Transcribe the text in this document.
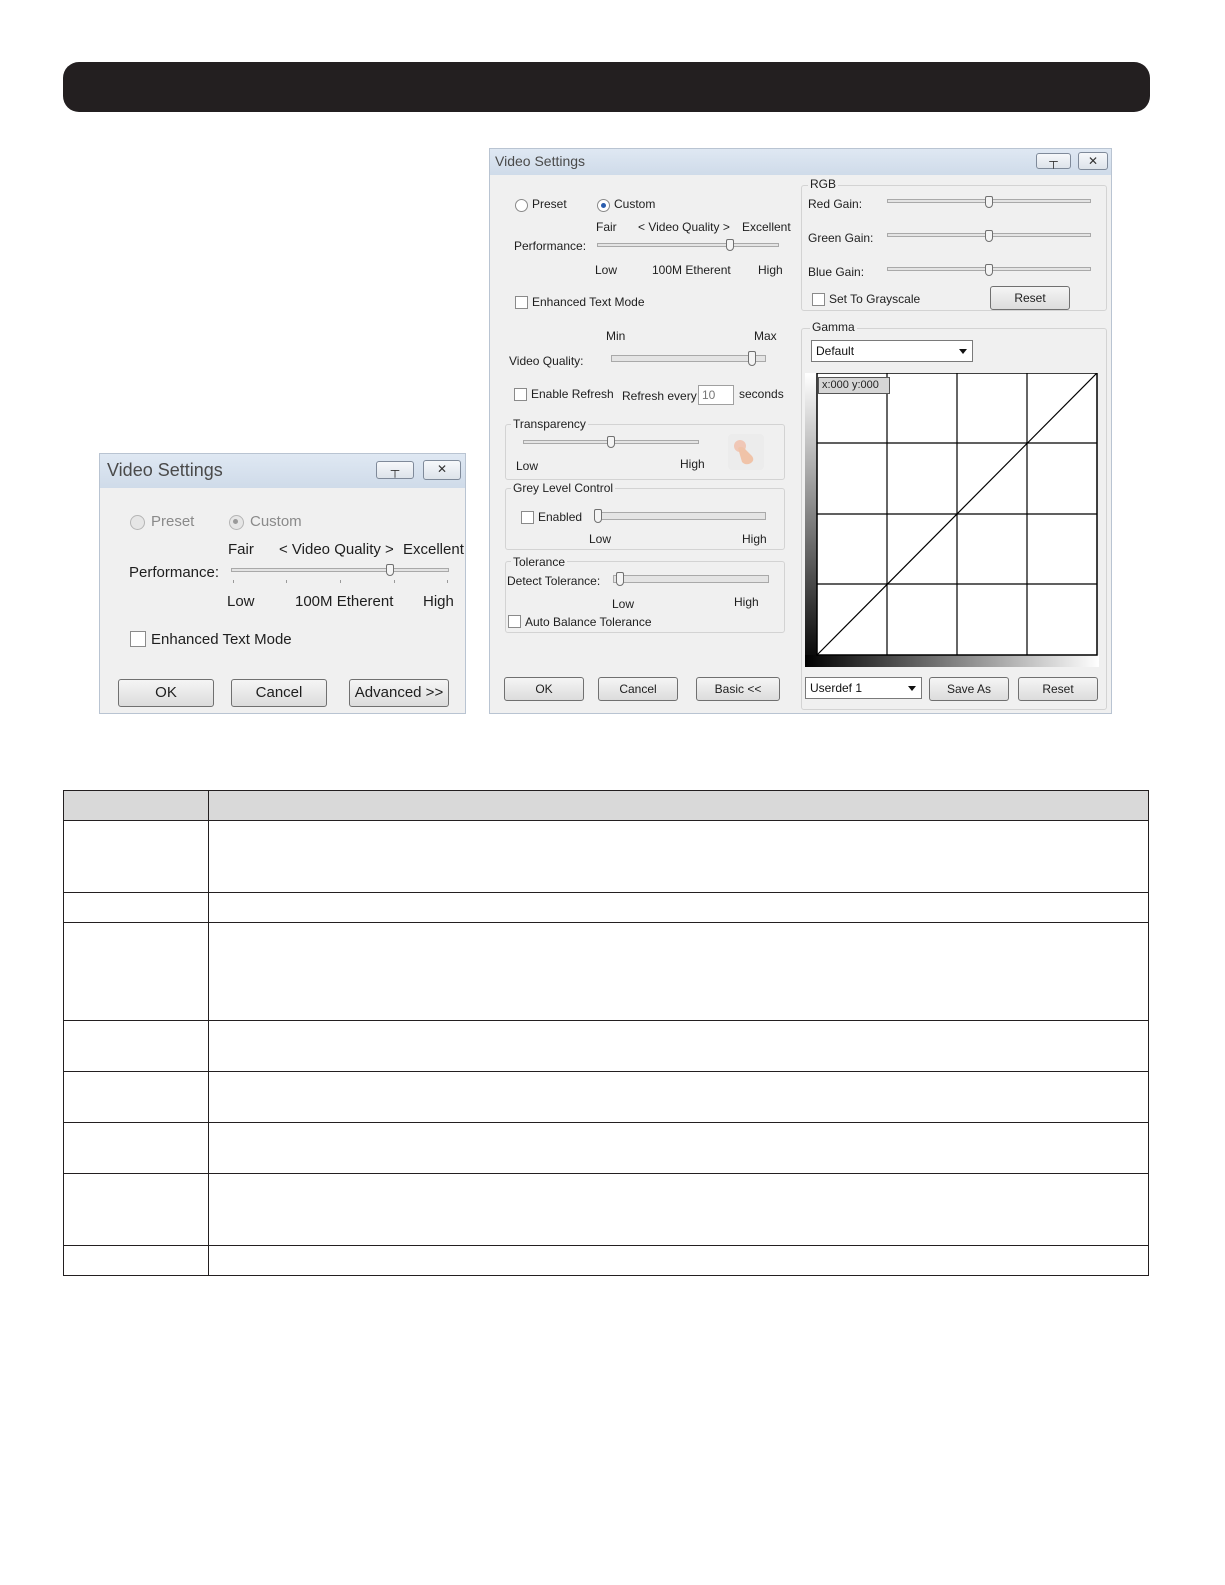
Video Settings	┬	✕
Preset	Custom
Fair < Video Quality > Excellent
Performance:
Low	100M Etherent High
Enhanced Text Mode
OK	Cancel	Advanced >>
Video Settings	┬	✕
Preset	Custom
Fair < Video Quality > Excellent
Performance:
Low	100M Etherent High
Enhanced Text Mode
Min	Max
Video Quality:
Enable Refresh Refresh every 10	seconds
Transparency
Low	High
Grey Level Control
Enabled
Low	High
Tolerance
Detect Tolerance:
Low	High
Auto Balance Tolerance
OK	Cancel	Basic <<
RGB
Red Gain:
Green Gain:
Blue Gain:
Set To Grayscale	Reset
Gamma
Default
x:000 y:000
Userdef 1	Save As	Reset
